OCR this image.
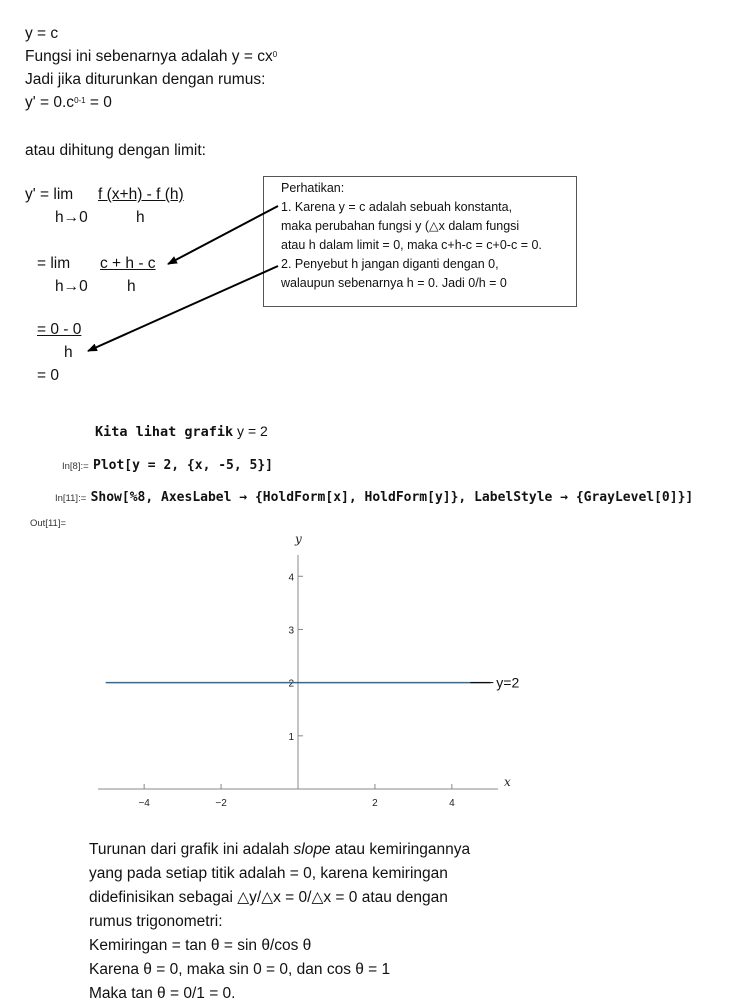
y = c
Fungsi ini sebenarnya adalah $y = cx^0$
Jadi jika diturunkan dengan rumus:
$y' = 0.c^{0-1} = 0$
atau dihitung dengan limit:
y' = lim f (x+h) - f (h)
h→0	h
= lim c + h - c
h→0	h
= 0 - 0
h
= 0
Perhatikan:
1. Karena y = c adalah sebuah konstanta,
maka perubahan fungsi y (△x dalam fungsi
atau h dalam limit = 0, maka c+h-c = c+0-c = 0.
2. Penyebut h jangan diganti dengan 0,
walaupun sebenarnya h = 0. Jadi 0/h = 0
Kita lihat grafik y = 2
In[8]:= Plot[y = 2, {x, -5, 5}]
In[11]:= Show[%8, AxesLabel → {HoldForm[x], HoldForm[y]}, LabelStyle → {GrayLevel[0]}]
Out[11]=
−4	−2	2	4
1
2
3
4
x
y
y=2
Turunan dari grafik ini adalah slope atau kemiringannya
yang pada setiap titik adalah = 0, karena kemiringan
didefinisikan sebagai △y/△x = 0/△x = 0 atau dengan
rumus trigonometri:
Kemiringan = tan θ = sin θ/cos θ
Karena θ = 0, maka sin 0 = 0, dan cos θ = 1
Maka tan θ = 0/1 = 0.
